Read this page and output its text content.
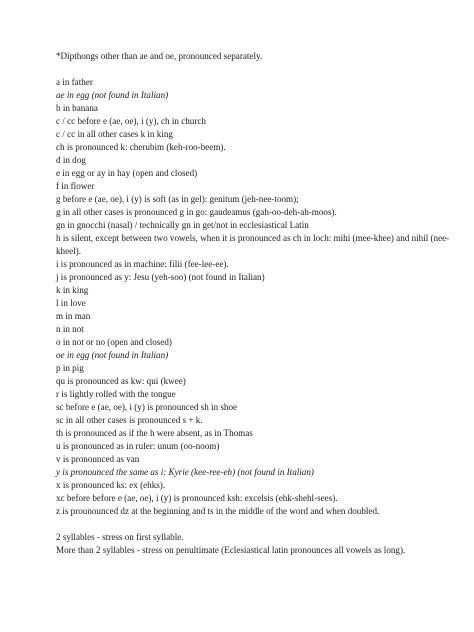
*Dipthongs other than ae and oe, pronounced separately.
a in father
ae in egg (not found in Italian)
b in banana
c / cc before e (ae, oe), i (y), ch in church
c / cc in all other cases k in king
ch is pronounced k: cherubim (keh-roo-beem).
d in dog
e in egg or ay in hay (open and closed)
f in flower
g before e (ae, oe), i (y) is soft (as in gel): genitum (jeh-nee-toom);
g in all other cases is pronounced g in go: gaudeamus (gah-oo-deh-ah-moos).
gn in gnocchi (nasal) / technically gn in get/not in ecclesiastical Latin
h is silent, except between two vowels, when it is pronounced as ch in loch: mihi (mee-khee) and nihil (nee-kheel).
i is pronounced as in machine: filii (fee-lee-ee).
j is pronounced as y: Jesu (yeh-soo) (not found in Italian)
k in king
l in love
m in man
n in not
o in not or no (open and closed)
oe in egg (not found in Italian)
p in pig
qu is pronounced as kw: qui (kwee)
r is lightly rolled with the tongue
sc before e (ae, oe), i (y) is pronounced sh in shoe
sc in all other cases is pronounced s + k.
th is pronounced as if the h were absent, as in Thomas
u is pronounced as in ruler: unum (oo-noom)
v is pronounced as van
y is pronounced the same as i: Kyrie (kee-ree-eh) (not found in Italian)
x is pronounced ks: ex (ehks).
xc before before e (ae, oe), i (y) is pronounced ksh: excelsis (ehk-shehl-sees).
z is prounounced dz at the beginning and ts in the middle of the word and when doubled.
2 syllables - stress on first syllable.
More than 2 syllables - stress on penultimate (Eclesiastical latin pronounces all vowels as long).
